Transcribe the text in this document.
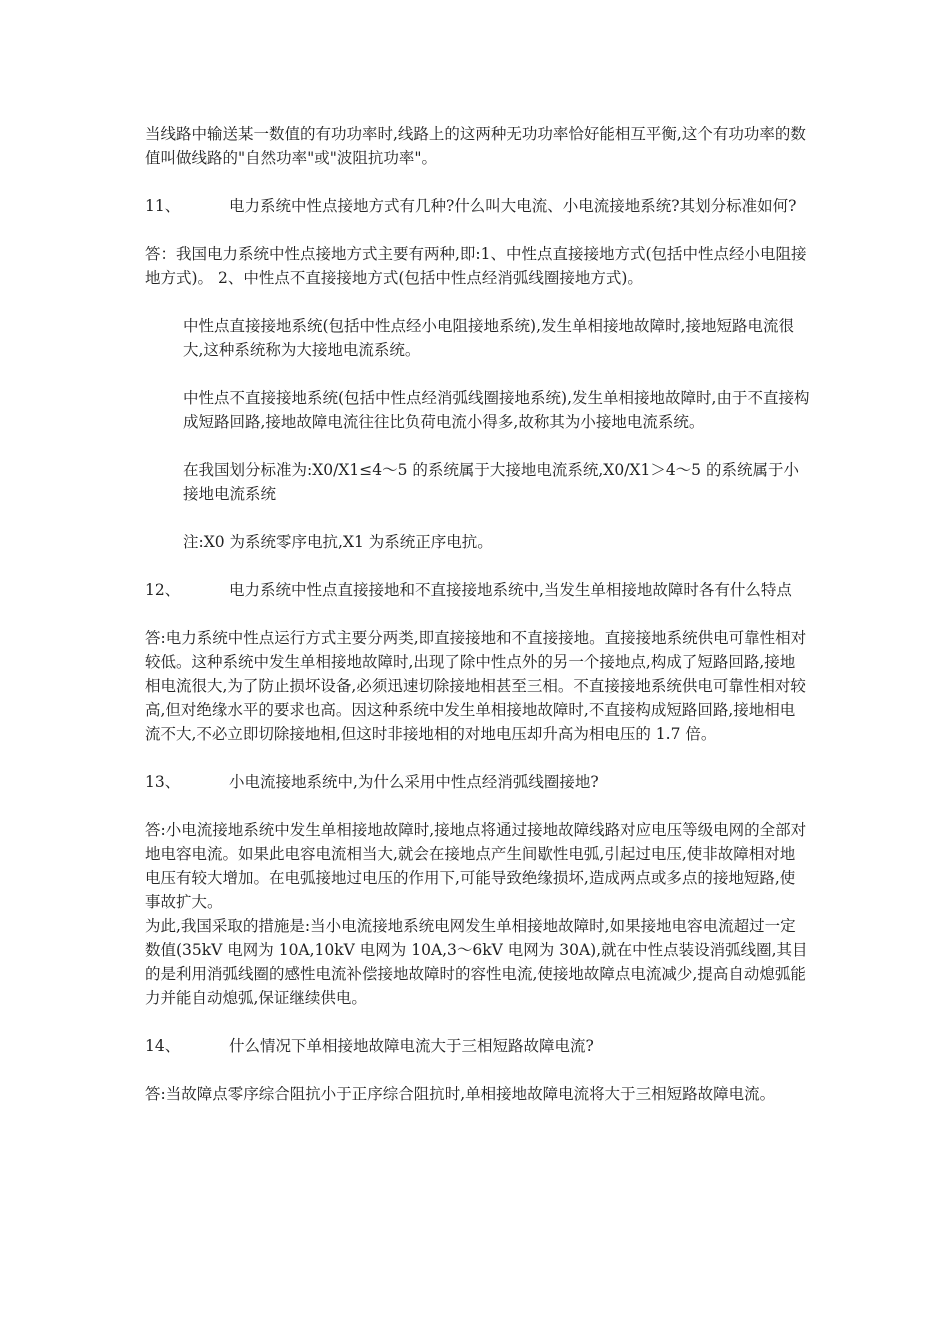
当线路中输送某一数值的有功功率时,线路上的这两种无功功率恰好能相互平衡,这个有功功率的数值叫做线路的"自然功率"或"波阻抗功率"。

11、	电力系统中性点接地方式有几种?什么叫大电流、小电流接地系统?其划分标准如何?

答：我国电力系统中性点接地方式主要有两种,即:1、中性点直接接地方式(包括中性点经小电阻接地方式)。 2、中性点不直接接地方式(包括中性点经消弧线圈接地方式)。

中性点直接接地系统(包括中性点经小电阻接地系统),发生单相接地故障时,接地短路电流很大,这种系统称为大接地电流系统。

中性点不直接接地系统(包括中性点经消弧线圈接地系统),发生单相接地故障时,由于不直接构成短路回路,接地故障电流往往比负荷电流小得多,故称其为小接地电流系统。

在我国划分标准为:X0/X1≤4～5 的系统属于大接地电流系统,X0/X1＞4～5 的系统属于小接地电流系统

注:X0 为系统零序电抗,X1 为系统正序电抗。

12、	电力系统中性点直接接地和不直接接地系统中,当发生单相接地故障时各有什么特点

答:电力系统中性点运行方式主要分两类,即直接接地和不直接接地。直接接地系统供电可靠性相对较低。这种系统中发生单相接地故障时,出现了除中性点外的另一个接地点,构成了短路回路,接地相电流很大,为了防止损坏设备,必须迅速切除接地相甚至三相。不直接接地系统供电可靠性相对较高,但对绝缘水平的要求也高。因这种系统中发生单相接地故障时,不直接构成短路回路,接地相电流不大,不必立即切除接地相,但这时非接地相的对地电压却升高为相电压的 1.7 倍。

13、	小电流接地系统中,为什么采用中性点经消弧线圈接地?

答:小电流接地系统中发生单相接地故障时,接地点将通过接地故障线路对应电压等级电网的全部对地电容电流。如果此电容电流相当大,就会在接地点产生间歇性电弧,引起过电压,使非故障相对地电压有较大增加。在电弧接地过电压的作用下,可能导致绝缘损坏,造成两点或多点的接地短路,使事故扩大。

为此,我国采取的措施是:当小电流接地系统电网发生单相接地故障时,如果接地电容电流超过一定数值(35kV 电网为 10A,10kV 电网为 10A,3～6kV 电网为 30A),就在中性点装设消弧线圈,其目的是利用消弧线圈的感性电流补偿接地故障时的容性电流,使接地故障点电流减少,提高自动熄弧能力并能自动熄弧,保证继续供电。

14、	什么情况下单相接地故障电流大于三相短路故障电流?

答:当故障点零序综合阻抗小于正序综合阻抗时,单相接地故障电流将大于三相短路故障电流。
